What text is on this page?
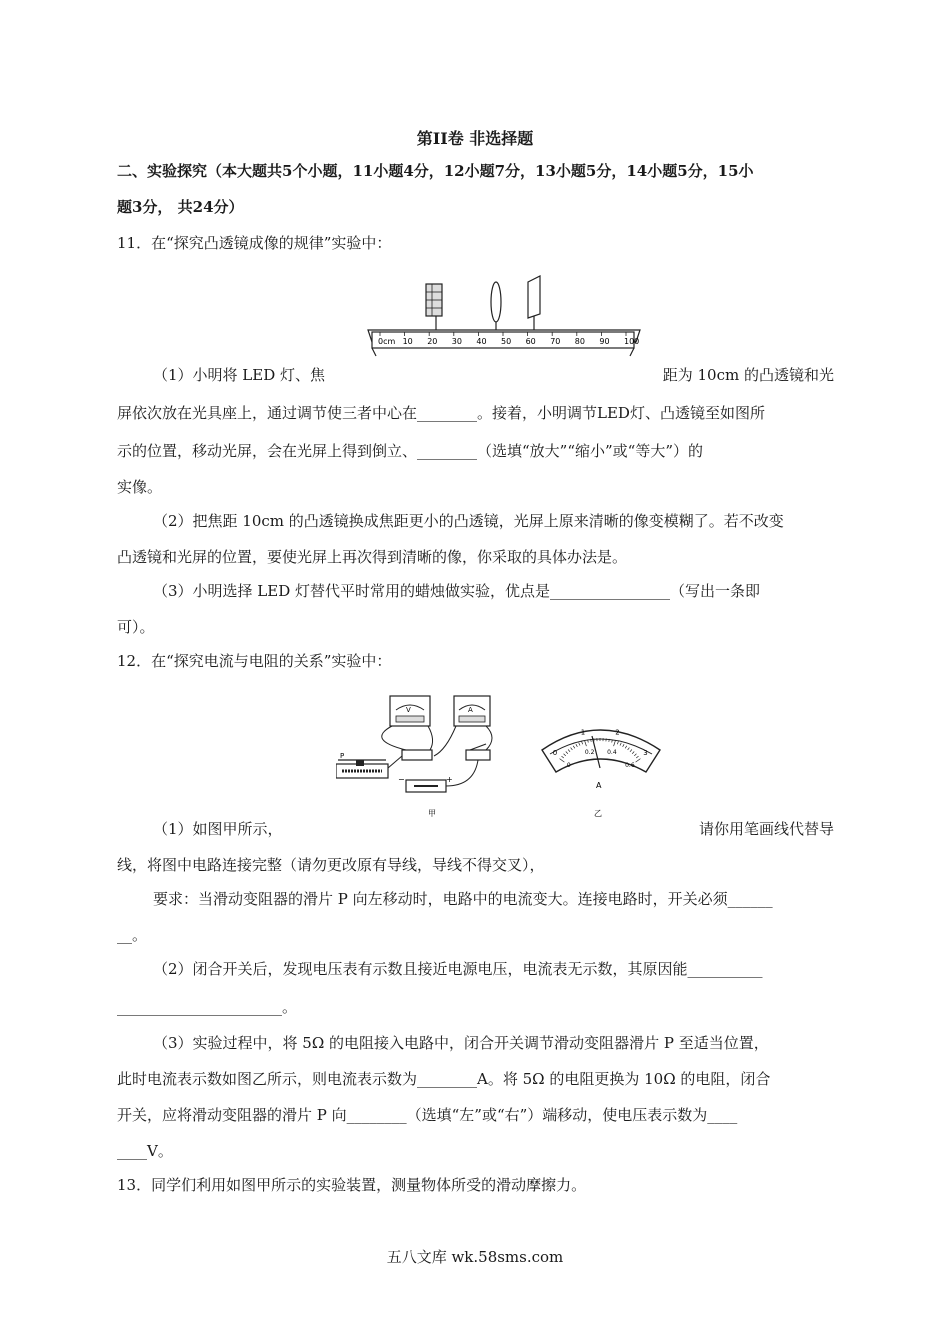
第II卷 非选择题
二、实验探究（本大题共5个小题，11小题4分，12小题7分，13小题5分，14小题5分，15小
题3分， 共24分）
11．在“探究凸透镜成像的规律”实验中：
0cm 10 20 30 40 50 60 70 80 90 100
（1）小明将 LED 灯、焦	距为 10cm 的凸透镜和光
屏依次放在光具座上，通过调节使三者中心在________。接着，小明调节LED灯、凸透镜至如图所
示的位置，移动光屏，会在光屏上得到倒立、________（选填“放大”“缩小”或“等大”）的
实像。
（2）把焦距 10cm 的凸透镜换成焦距更小的凸透镜，光屏上原来清晰的像变模糊了。若不改变
凸透镜和光屏的位置，要使光屏上再次得到清晰的像，你采取的具体办法是。
（3）小明选择 LED 灯替代平时常用的蜡烛做实验，优点是________________（写出一条即
可）。
12．在“探究电流与电阻的关系”实验中：
V	A
P
−	+
甲
0
1	2
3
0
0.2 0.4
0.6
A
乙
（1）如图甲所示，	请你用笔画线代替导
线，将图中电路连接完整（请勿更改原有导线，导线不得交叉），
要求：当滑动变阻器的滑片 P 向左移动时，电路中的电流变大。连接电路时，开关必须______
__。
（2）闭合开关后，发现电压表有示数且接近电源电压，电流表无示数，其原因能__________
______________________。
（3）实验过程中，将 5Ω 的电阻接入电路中，闭合开关调节滑动变阻器滑片 P 至适当位置，
此时电流表示数如图乙所示，则电流表示数为________A。将 5Ω 的电阻更换为 10Ω 的电阻，闭合
开关，应将滑动变阻器的滑片 P 向________（选填“左”或“右”）端移动，使电压表示数为____
____V。
13．同学们利用如图甲所示的实验装置，测量物体所受的滑动摩擦力。
五八文库 wk.58sms.com
